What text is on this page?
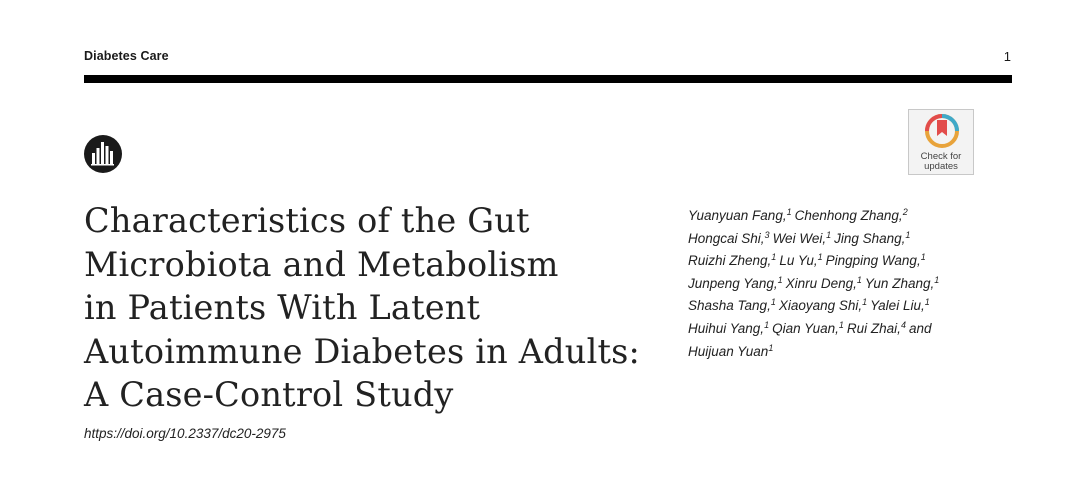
Diabetes Care	1
Check for
updates
Characteristics of the Gut
Microbiota and Metabolism
in Patients With Latent
Autoimmune Diabetes in Adults:
A Case-Control Study
https://doi.org/10.2337/dc20-2975
Yuanyuan Fang,$^1$ Chenhong Zhang,$^2$
Hongcai Shi,$^3$ Wei Wei,$^1$ Jing Shang,$^1$
Ruizhi Zheng,$^1$ Lu Yu,$^1$ Pingping Wang,$^1$
Junpeng Yang,$^1$ Xinru Deng,$^1$ Yun Zhang,$^1$
Shasha Tang,$^1$ Xiaoyang Shi,$^1$ Yalei Liu,$^1$
Huihui Yang,$^1$ Qian Yuan,$^1$ Rui Zhai,$^4$ and
Huijuan Yuan$^1$
